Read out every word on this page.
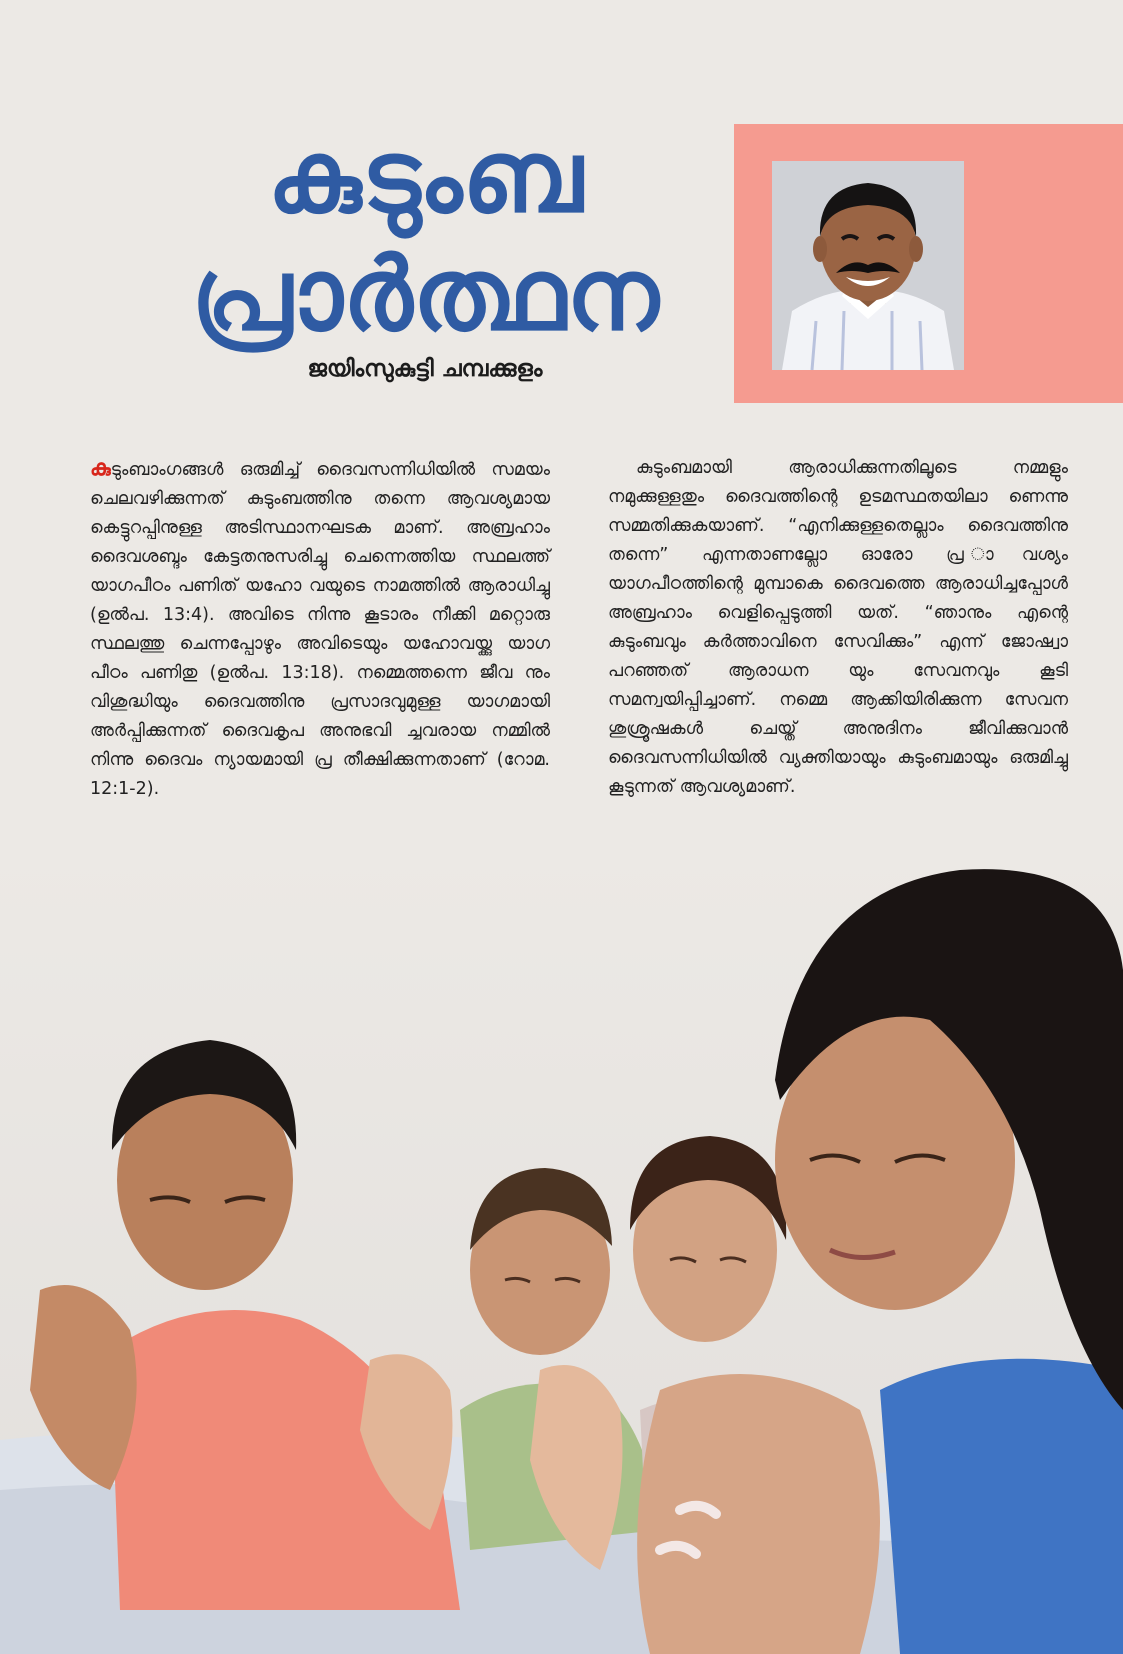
കുടുംബ
പ്രാർത്ഥന
ജയിംസുകുട്ടി ചമ്പക്കുളം

കുടുംബാംഗങ്ങൾ ഒരുമിച്ച് ദൈവസന്നിധിയിൽ സമയം ചെലവഴിക്കുന്നത് കുടുംബത്തിനു തന്നെ ആവശ്യമായ കെട്ടുറപ്പിനുള്ള അടിസ്ഥാനഘടക മാണ്. അബ്രഹാം ദൈവശബ്ദം കേട്ടതനുസരിച്ചു ചെന്നെത്തിയ സ്ഥലത്ത് യാഗപീഠം പണിത് യഹോ വയുടെ നാമത്തിൽ ആരാധിച്ചു (ഉൽപ. 13:4). അവിടെ നിന്നു കൂടാരം നീക്കി മറ്റൊരു സ്ഥലത്തു ചെന്നപ്പോഴും അവിടെയും യഹോവയ്ക്കു യാഗ പീഠം പണിതു (ഉൽപ. 13:18). നമ്മെത്തന്നെ ജീവ നും വിശുദ്ധിയും ദൈവത്തിനു പ്രസാദവുമുള്ള യാഗമായി അർപ്പിക്കുന്നത് ദൈവകൃപ അനുഭവി ച്ചവരായ നമ്മിൽ നിന്നു ദൈവം ന്യായമായി പ്ര തീക്ഷിക്കുന്നതാണ് (റോമ. 12:1-2).

കുടുംബമായി ആരാധിക്കുന്നതിലൂടെ നമ്മളും നമുക്കുള്ളതും ദൈവത്തിന്റെ ഉടമസ്ഥതയിലാ ണെന്നു സമ്മതിക്കുകയാണ്. “എനിക്കുള്ളതെല്ലാം ദൈവത്തിനു തന്നെ” എന്നതാണല്ലോ ഓരോ പ്ര ാവശ്യം യാഗപീഠത്തിന്റെ മുമ്പാകെ ദൈവത്തെ ആരാധിച്ചപ്പോൾ അബ്രഹാം വെളിപ്പെടുത്തി യത്. “ഞാനും എന്റെ കുടുംബവും കർത്താവിനെ സേവിക്കും” എന്ന് ജോഷ്വാ പറഞ്ഞത് ആരാധന യും സേവനവും കൂടി സമന്വയിപ്പിച്ചാണ്. നമ്മെ ആക്കിയിരിക്കുന്ന സേവന ശുശ്രൂഷകൾ ചെയ്ത് അനുദിനം ജീവിക്കുവാൻ ദൈവസന്നിധിയിൽ വ്യക്തിയായും കുടുംബമായും ഒരുമിച്ചു കൂടുന്നത് ആവശ്യമാണ്.
